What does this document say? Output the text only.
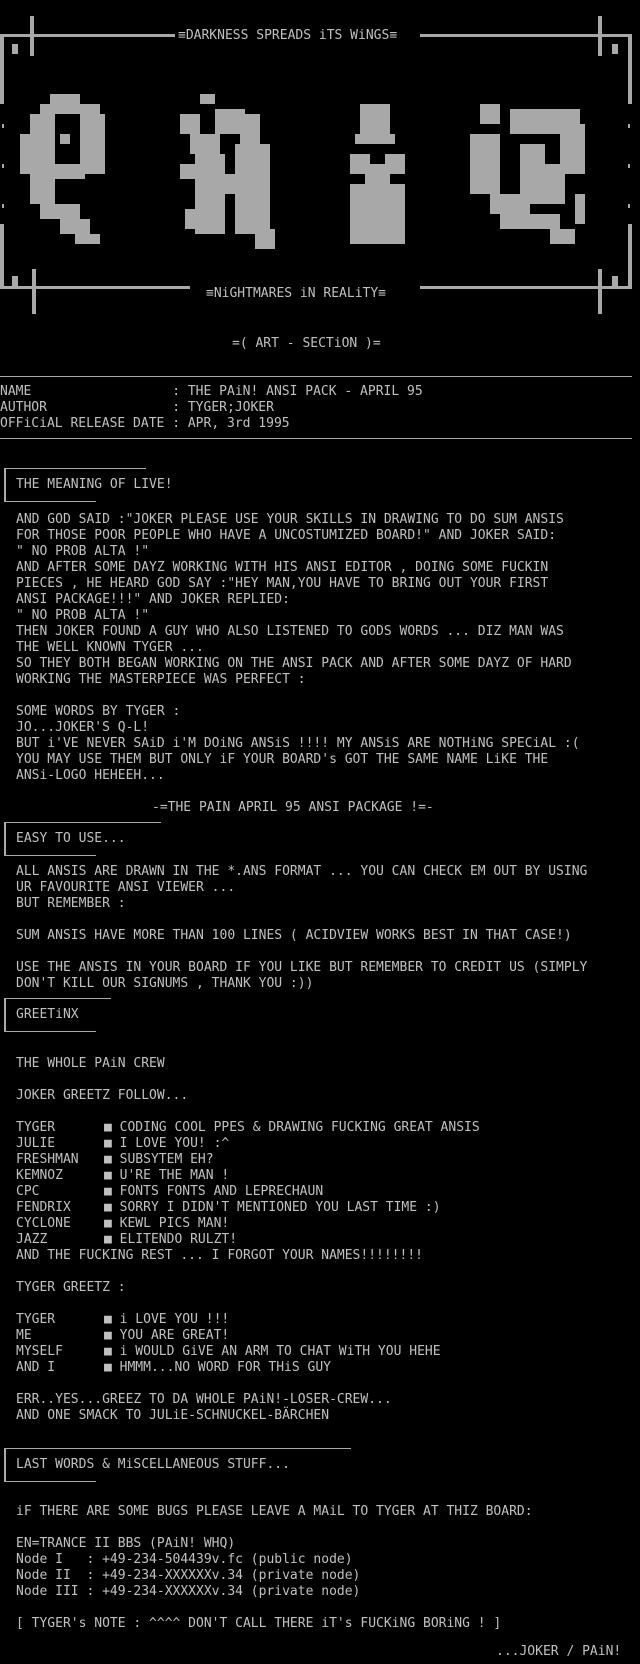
≡DARKNESS SPREADS iTS WiNGS≡
≡NiGHTMARES iN REALiTY≡
=( ART - SECTiON )=
NAME                  : THE PAiN! ANSI PACK - APRIL 95
AUTHOR                : TYGER;JOKER
OFFiCiAL RELEASE DATE : APR, 3rd 1995
THE MEANING OF LIVE!
AND GOD SAID :"JOKER PLEASE USE YOUR SKILLS IN DRAWING TO DO SUM ANSIS
FOR THOSE POOR PEOPLE WHO HAVE A UNCOSTUMIZED BOARD!" AND JOKER SAID:
" NO PROB ALTA !"
AND AFTER SOME DAYZ WORKING WITH HIS ANSI EDITOR , DOING SOME FUCKIN
PIECES , HE HEARD GOD SAY :"HEY MAN,YOU HAVE TO BRING OUT YOUR FIRST
ANSI PACKAGE!!!" AND JOKER REPLIED:
" NO PROB ALTA !"
THEN JOKER FOUND A GUY WHO ALSO LISTENED TO GODS WORDS ... DIZ MAN WAS
THE WELL KNOWN TYGER ...
SO THEY BOTH BEGAN WORKING ON THE ANSI PACK AND AFTER SOME DAYZ OF HARD
WORKING THE MASTERPIECE WAS PERFECT :

SOME WORDS BY TYGER :
JO...JOKER'S Q-L!
BUT i'VE NEVER SAiD i'M DOiNG ANSiS !!!! MY ANSiS ARE NOTHiNG SPECiAL :(
YOU MAY USE THEM BUT ONLY iF YOUR BOARD's GOT THE SAME NAME LiKE THE
ANSi-LOGO HEHEEH...
-=THE PAIN APRIL 95 ANSI PACKAGE !=-
EASY TO USE...
ALL ANSIS ARE DRAWN IN THE *.ANS FORMAT ... YOU CAN CHECK EM OUT BY USING
UR FAVOURITE ANSI VIEWER ...
BUT REMEMBER :

SUM ANSIS HAVE MORE THAN 100 LINES ( ACIDVIEW WORKS BEST IN THAT CASE!)

USE THE ANSIS IN YOUR BOARD IF YOU LIKE BUT REMEMBER TO CREDIT US (SIMPLY
DON'T KILL OUR SIGNUMS , THANK YOU :))
GREETiNX
THE WHOLE PAiN CREW

JOKER GREETZ FOLLOW...

TYGER	■ CODING COOL PPES & DRAWING FUCKING GREAT ANSIS
JULIE	■ I LOVE YOU! :^
FRESHMAN ■ SUBSYTEM EH?
KEMNOZ	■ U'RE THE MAN !
CPC	■ FONTS FONTS AND LEPRECHAUN
FENDRIX	■ SORRY I DIDN'T MENTIONED YOU LAST TIME :)
CYCLONE	■ KEWL PICS MAN!
JAZZ	■ ELITENDO RULZT!
AND THE FUCKING REST ... I FORGOT YOUR NAMES!!!!!!!!

TYGER GREETZ :

TYGER	■ i LOVE YOU !!!
ME	■ YOU ARE GREAT!
MYSELF	■ i WOULD GiVE AN ARM TO CHAT WiTH YOU HEHE
AND I	■ HMMM...NO WORD FOR THiS GUY

ERR..YES...GREEZ TO DA WHOLE PAiN!-LOSER-CREW...
AND ONE SMACK TO JULiE-SCHNUCKEL-BÄRCHEN
LAST WORDS & MiSCELLANEOUS STUFF...
iF THERE ARE SOME BUGS PLEASE LEAVE A MAiL TO TYGER AT THIZ BOARD:

EN=TRANCE II BBS (PAiN! WHQ)
Node I   : +49-234-504439v.fc (public node)
Node II  : +49-234-XXXXXXv.34 (private node)
Node III : +49-234-XXXXXXv.34 (private node)

[ TYGER's NOTE : ^^^^ DON'T CALL THERE iT's FUCKiNG BORiNG ! ]
...JOKER / PAiN!
